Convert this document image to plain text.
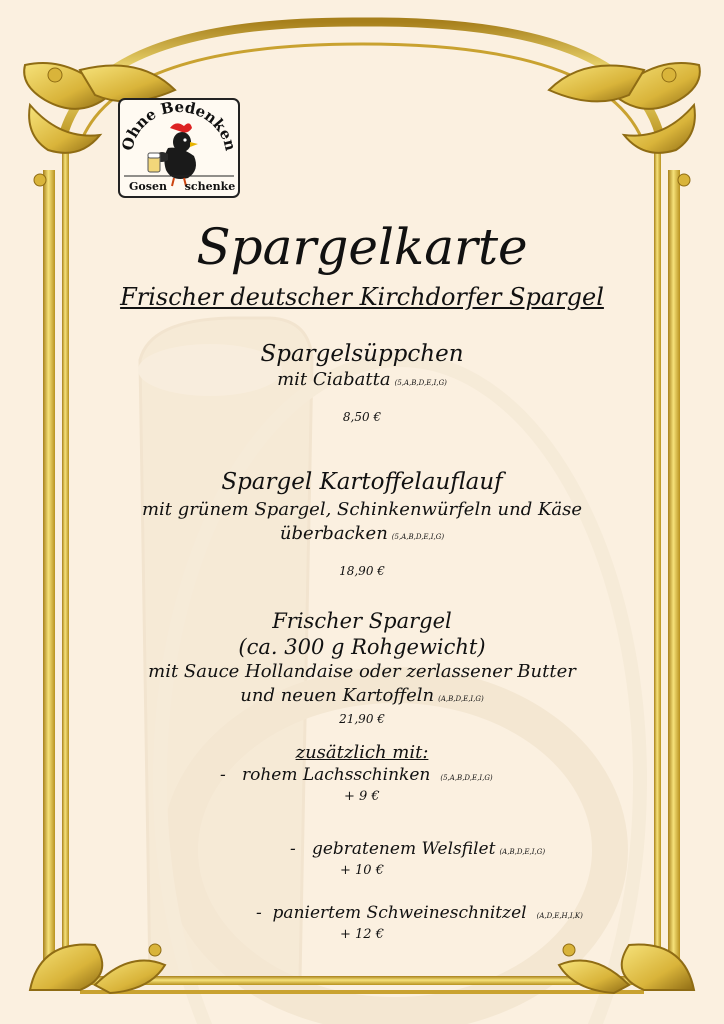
Ohne Bedenken
Gosen schenke
Spargelkarte
Frischer deutscher Kirchdorfer Spargel
Spargelsüppchen
mit Ciabatta (5,A,B,D,E,I,G)
8,50 €
Spargel Kartoffelauflauf
mit grünem Spargel, Schinkenwürfeln und Käse
überbacken (5,A,B,D,E,I,G)
18,90 €
Frischer Spargel
(ca. 300 g Rohgewicht)
mit Sauce Hollandaise oder zerlassener Butter
und neuen Kartoffeln (A,B,D,E,I,G)
21,90 €
zusätzlich mit:
-   rohem Lachsschinken (5,A,B,D,E,I,G)
+ 9 €
-   gebratenem Welsfilet (A,B,D,E,I,G)
+ 10 €
-  paniertem Schweineschnitzel (A,D,E,H,I,K)
+ 12 €
